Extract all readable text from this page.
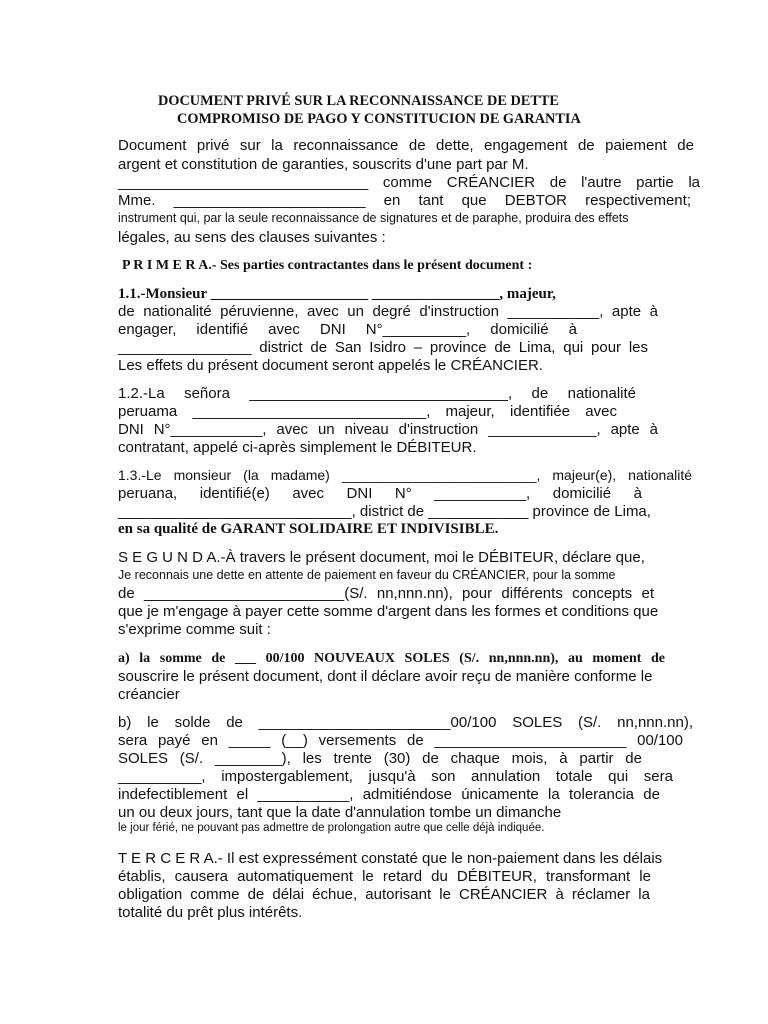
DOCUMENT PRIVÉ SUR LA RECONNAISSANCE DE DETTE
COMPROMISO DE PAGO Y CONSTITUCION DE GARANTIA
Document privé sur la reconnaissance de dette, engagement de paiement de
argent et constitution de garanties, souscrits d'une part par M.
______________________________ comme CRÉANCIER de l'autre partie la
Mme. _______________________ en tant que DEBTOR respectivement;
instrument qui, par la seule reconnaissance de signatures et de paraphe, produira des effets
légales, au sens des clauses suivantes :
P R I M E R A.- Ses parties contractantes dans le présent document :
1.1.-Monsieur _____________________ _________________, majeur,
de nationalité péruvienne, avec un degré d'instruction ___________, apte à
engager, identifié avec DNI N°__________, domicilié à
________________ district de San Isidro – province de Lima, qui pour les
Les effets du présent document seront appelés le CRÉANCIER.
1.2.-La señora _______________________________, de nationalité
peruama ____________________________, majeur, identifiée avec
DNI N°___________, avec un niveau d'instruction _____________, apte à
contratant, appelé ci-après simplement le DÉBITEUR.
1.3.-Le monsieur (la madame) _________________________, majeur(e), nationalité
peruana, identifié(e) avec DNI N° ___________, domicilié à
____________________________, district de ____________ province de Lima,
en sa qualité de GARANT SOLIDAIRE ET INDIVISIBLE.
S E G U N D A.-À travers le présent document, moi le DÉBITEUR, déclare que,
Je reconnais une dette en attente de paiement en faveur du CRÉANCIER, pour la somme
de ________________________(S/. nn,nnn.nn), pour différents concepts et
que je m'engage à payer cette somme d'argent dans les formes et conditions que
s'exprime comme suit :
a) la somme de ___ 00/100 NOUVEAUX SOLES (S/. nn,nnn.nn), au moment de
souscrire le présent document, dont il déclare avoir reçu de manière conforme le
créancier
b) le solde de _______________________00/100 SOLES (S/. nn,nnn.nn),
sera payé en _____ (__) versements de _______________________ 00/100
SOLES (S/. ________), les trente (30) de chaque mois, à partir de
__________, impostergablement, jusqu'à son annulation totale qui sera
indefectiblement el ___________, admitiéndose únicamente la tolerancia de
un ou deux jours, tant que la date d'annulation tombe un dimanche
le jour férié, ne pouvant pas admettre de prolongation autre que celle déjà indiquée.
T E R C E R A.- Il est expressément constaté que le non-paiement dans les délais
établis, causera automatiquement le retard du DÉBITEUR, transformant le
obligation comme de délai échue, autorisant le CRÉANCIER à réclamer la
totalité du prêt plus intérêts.
